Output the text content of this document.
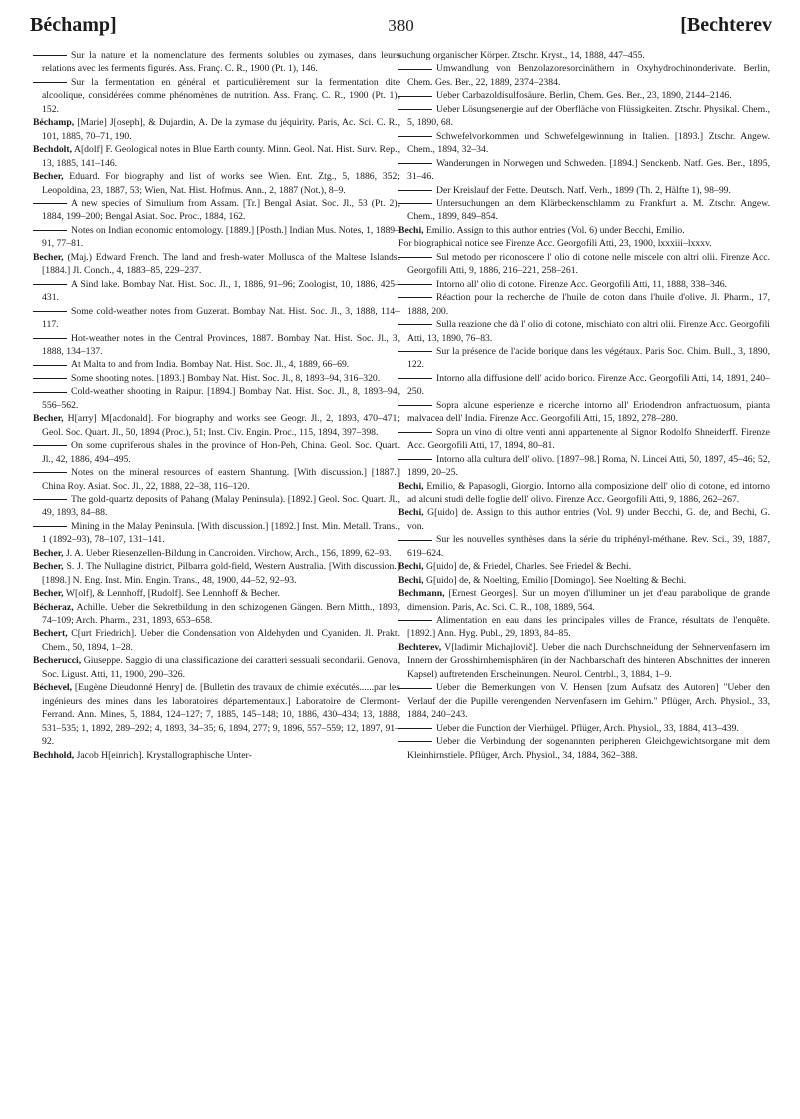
Béchamp]	380	[Bechterev

Sur la nature et la nomenclature des ferments solubles ou zymases, dans leurs relations avec les ferments figurés. Ass. Franç. C. R., 1900 (Pt. 1), 146.

Sur la fermentation en général et particulièrement sur la fermentation dite alcoolique, considérées comme phénomènes de nutrition. Ass. Franç. C. R., 1900 (Pt. 1), 152.

Béchamp, [Marie] J[oseph], & Dujardin, A. De la zymase du jéquirity. Paris, Ac. Sci. C. R., 101, 1885, 70–71, 190.

Bechdolt, A[dolf] F. Geological notes in Blue Earth county. Minn. Geol. Nat. Hist. Surv. Rep., 13, 1885, 141–146.

Becher, Eduard. For biography and list of works see Wien. Ent. Ztg., 5, 1886, 352; Leopoldina, 23, 1887, 53; Wien, Nat. Hist. Hofmus. Ann., 2, 1887 (Not.), 8–9.

A new species of Simulium from Assam. [Tr.] Bengal Asiat. Soc. Jl., 53 (Pt. 2), 1884, 199–200; Bengal Asiat. Soc. Proc., 1884, 162.

Notes on Indian economic entomology. [1889.] [Posth.] Indian Mus. Notes, 1, 1889–91, 77–81.

Becher, (Maj.) Edward French. The land and fresh-water Mollusca of the Maltese Islands. [1884.] Jl. Conch., 4, 1883–85, 229–237.

A Sind lake. Bombay Nat. Hist. Soc. Jl., 1, 1886, 91–96; Zoologist, 10, 1886, 425–431.

Some cold-weather notes from Guzerat. Bombay Nat. Hist. Soc. Jl., 3, 1888, 114–117.

Hot-weather notes in the Central Provinces, 1887. Bombay Nat. Hist. Soc. Jl., 3, 1888, 134–137.

At Malta to and from India. Bombay Nat. Hist. Soc. Jl., 4, 1889, 66–69.

Some shooting notes. [1893.] Bombay Nat. Hist. Soc. Jl., 8, 1893–94, 316–320.

Cold-weather shooting in Raipur. [1894.] Bombay Nat. Hist. Soc. Jl., 8, 1893–94, 556–562.

Becher, H[arry] M[acdonald]. For biography and works see Geogr. Jl., 2, 1893, 470–471; Geol. Soc. Quart. Jl., 50, 1894 (Proc.), 51; Inst. Civ. Engin. Proc., 115, 1894, 397–398.

On some cupriferous shales in the province of Hon-Peh, China. Geol. Soc. Quart. Jl., 42, 1886, 494–495.

Notes on the mineral resources of eastern Shantung. [With discussion.] [1887.] China Roy. Asiat. Soc. Jl., 22, 1888, 22–38, 116–120.

The gold-quartz deposits of Pahang (Malay Peninsula). [1892.] Geol. Soc. Quart. Jl., 49, 1893, 84–88.

Mining in the Malay Peninsula. [With discussion.] [1892.] Inst. Min. Metall. Trans., 1 (1892–93), 78–107, 131–141.

Becher, J. A. Ueber Riesenzellen-Bildung in Cancroiden. Virchow, Arch., 156, 1899, 62–93.

Becher, S. J. The Nullagine district, Pilbarra gold-field, Western Australia. [With discussion.] [1898.] N. Eng. Inst. Min. Engin. Trans., 48, 1900, 44–52, 92–93.

Becher, W[olf], & Lennhoff, [Rudolf]. See Lennhoff & Becher.

Bécheraz, Achille. Ueber die Sekretbildung in den schizogenen Gängen. Bern Mitth., 1893, 74–109; Arch. Pharm., 231, 1893, 653–658.

Bechert, C[urt Friedrich]. Ueber die Condensation von Aldehyden und Cyaniden. Jl. Prakt. Chem., 50, 1894, 1–28.

Becherucci, Giuseppe. Saggio di una classificazione dei caratteri sessuali secondarii. Genova, Soc. Ligust. Atti, 11, 1900, 290–326.

Béchevel, [Eugène Dieudonné Henry] de. [Bulletin des travaux de chimie exécutés......par les ingénieurs des mines dans les laboratoires départementaux.] Laboratoire de Clermont-Ferrand. Ann. Mines, 5, 1884, 124–127; 7, 1885, 145–148; 10, 1886, 430–434; 13, 1888, 531–535; 1, 1892, 289–292; 4, 1893, 34–35; 6, 1894, 277; 9, 1896, 557–559; 12, 1897, 91–92.

Bechhold, Jacob H[einrich]. Krystallographische Unter-

suchung organischer Körper. Ztschr. Kryst., 14, 1888, 447–455.

Umwandlung von Benzolazoresorcinäthern in Oxyhydrochinonderivate. Berlin, Chem. Ges. Ber., 22, 1889, 2374–2384.

Ueber Carbazoldisulfosäure. Berlin, Chem. Ges. Ber., 23, 1890, 2144–2146.

Ueber Lösungsenergie auf der Oberfläche von Flüssigkeiten. Ztschr. Physikal. Chem., 5, 1890, 68.

Schwefelvorkommen und Schwefelgewinnung in Italien. [1893.] Ztschr. Angew. Chem., 1894, 32–34.

Wanderungen in Norwegen und Schweden. [1894.] Senckenb. Natf. Ges. Ber., 1895, 31–46.

Der Kreislauf der Fette. Deutsch. Natf. Verh., 1899 (Th. 2, Hälfte 1), 98–99.

Untersuchungen an dem Klärbeckenschlamm zu Frankfurt a. M. Ztschr. Angew. Chem., 1899, 849–854.

Bechi, Emilio. Assign to this author entries (Vol. 6) under Becchi, Emilio.

For biographical notice see Firenze Acc. Georgofili Atti, 23, 1900, lxxxiii–lxxxv.

Sul metodo per riconoscere l' olio di cotone nelle miscele con altri olii. Firenze Acc. Georgofili Atti, 9, 1886, 216–221, 258–261.

Intorno all' olio di cotone. Firenze Acc. Georgofili Atti, 11, 1888, 338–346.

Réaction pour la recherche de l'huile de coton dans l'huile d'olive. Jl. Pharm., 17, 1888, 200.

Sulla reazione che dà l' olio di cotone, mischiato con altri olii. Firenze Acc. Georgofili Atti, 13, 1890, 76–83.

Sur la présence de l'acide borique dans les végétaux. Paris Soc. Chim. Bull., 3, 1890, 122.

Intorno alla diffusione dell' acido borico. Firenze Acc. Georgofili Atti, 14, 1891, 240–250.

Sopra alcune esperienze e ricerche intorno all' Eriodendron anfractuosum, pianta malvacea dell' India. Firenze Acc. Georgofili Atti, 15, 1892, 278–280.

Sopra un vino di oltre venti anni appartenente al Signor Rodolfo Shneiderff. Firenze Acc. Georgofili Atti, 17, 1894, 80–81.

Intorno alla cultura dell' olivo. [1897–98.] Roma, N. Lincei Atti, 50, 1897, 45–46; 52, 1899, 20–25.

Bechi, Emilio, & Papasogli, Giorgio. Intorno alla composizione dell' olio di cotone, ed intorno ad alcuni studi delle foglie dell' olivo. Firenze Acc. Georgofili Atti, 9, 1886, 262–267.

Bechi, G[uido] de. Assign to this author entries (Vol. 9) under Becchi, G. de, and Bechi, G. von.

Sur les nouvelles synthèses dans la série du triphényl-méthane. Rev. Sci., 39, 1887, 619–624.

Bechi, G[uido] de, & Friedel, Charles. See Friedel & Bechi.

Bechi, G[uido] de, & Noelting, Emilio [Domingo]. See Noelting & Bechi.

Bechmann, [Ernest Georges]. Sur un moyen d'illuminer un jet d'eau parabolique de grande dimension. Paris, Ac. Sci. C. R., 108, 1889, 564.

Alimentation en eau dans les principales villes de France, résultats de l'enquête. [1892.] Ann. Hyg. Publ., 29, 1893, 84–85.

Bechterev, V[ladimir Michajlovič]. Ueber die nach Durchschneidung der Sehnervenfasern im Innern der Grosshirnhemisphären (in der Nachbarschaft des hinteren Abschnittes der inneren Kapsel) auftretenden Erscheinungen. Neurol. Centrbl., 3, 1884, 1–9.

Ueber die Bemerkungen von V. Hensen [zum Aufsatz des Autoren] "Ueber den Verlauf der die Pupille verengenden Nervenfasern im Gehirn." Pflüger, Arch. Physiol., 33, 1884, 240–243.

Ueber die Function der Vierhügel. Pflüger, Arch. Physiol., 33, 1884, 413–439.

Ueber die Verbindung der sogenannten peripheren Gleichgewichtsorgane mit dem Kleinhirnstiele. Pflüger, Arch. Physiol., 34, 1884, 362–388.
